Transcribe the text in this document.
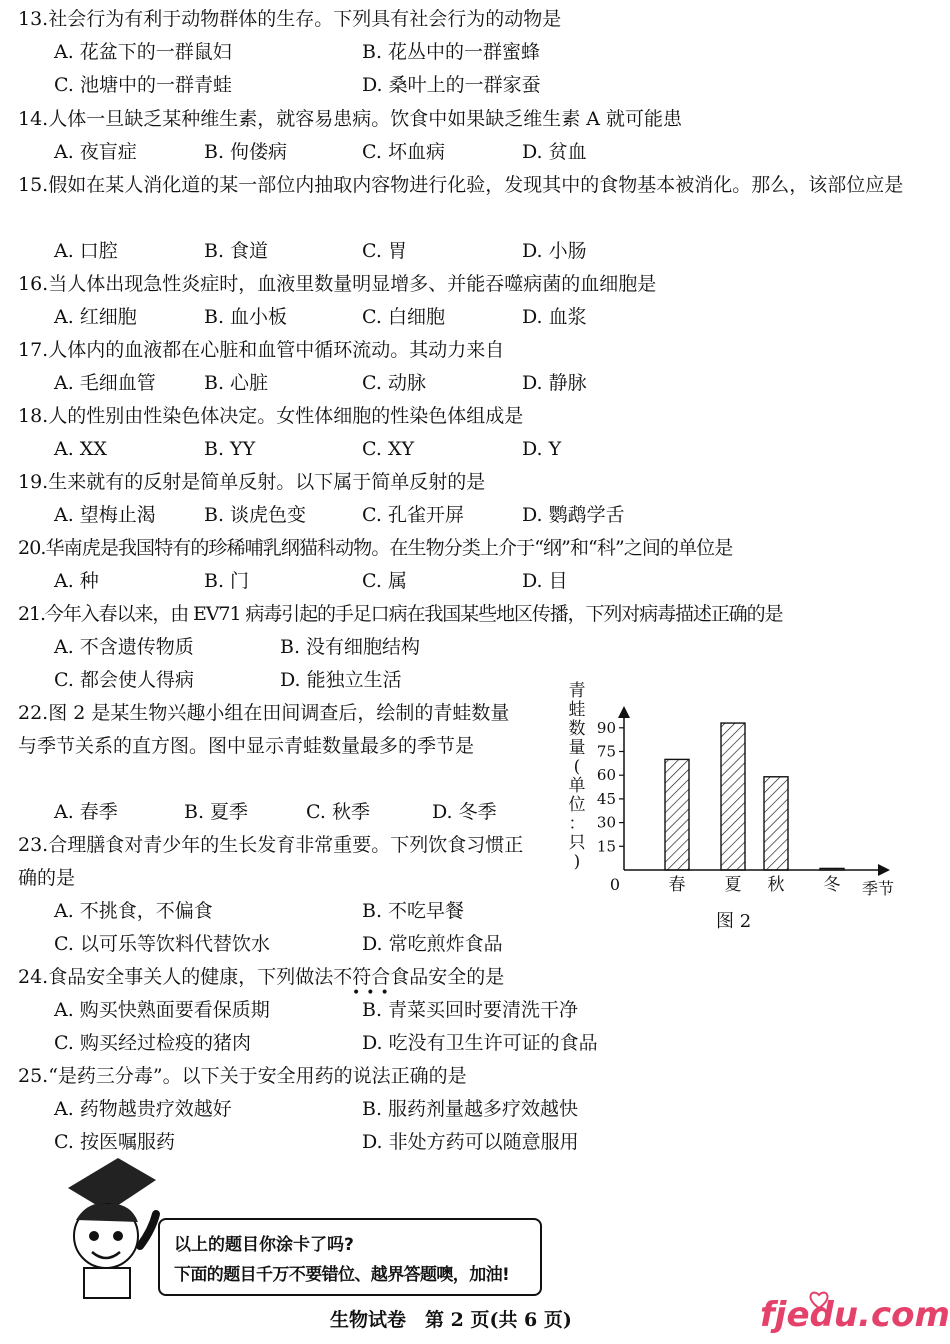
13.社会行为有利于动物群体的生存。下列具有社会行为的动物是
A. 花盆下的一群鼠妇	B. 花丛中的一群蜜蜂
C. 池塘中的一群青蛙	D. 桑叶上的一群家蚕
14.人体一旦缺乏某种维生素，就容易患病。饮食中如果缺乏维生素 A 就可能患
A. 夜盲症	B. 佝偻病	C. 坏血病	D. 贫血
15.假如在某人消化道的某一部位内抽取内容物进行化验，发现其中的食物基本被消化。那么，该部位应是
A. 口腔	B. 食道	C. 胃	D. 小肠
16.当人体出现急性炎症时，血液里数量明显增多、并能吞噬病菌的血细胞是
A. 红细胞	B. 血小板	C. 白细胞	D. 血浆
17.人体内的血液都在心脏和血管中循环流动。其动力来自
A. 毛细血管	B. 心脏	C. 动脉	D. 静脉
18.人的性别由性染色体决定。女性体细胞的性染色体组成是
A. XX	B. YY	C. XY	D. Y
19.生来就有的反射是简单反射。以下属于简单反射的是
A. 望梅止渴	B. 谈虎色变	C. 孔雀开屏	D. 鹦鹉学舌
20.华南虎是我国特有的珍稀哺乳纲猫科动物。在生物分类上介于“纲”和“科”之间的单位是
A. 种	B. 门	C. 属	D. 目
21.今年入春以来，由 EV71 病毒引起的手足口病在我国某些地区传播，下列对病毒描述正确的是
A. 不含遗传物质	B. 没有细胞结构
C. 都会使人得病	D. 能独立生活
22.图 2 是某生物兴趣小组在田间调查后，绘制的青蛙数量与季节关系的直方图。图中显示青蛙数量最多的季节是
A. 春季	B. 夏季	C. 秋季	D. 冬季
23.合理膳食对青少年的生长发育非常重要。下列饮食习惯正确的是
A. 不挑食，不偏食	B. 不吃早餐
C. 以可乐等饮料代替饮水	D. 常吃煎炸食品
24.食品安全事关人的健康，下列做法不符合食品安全的是
•••
A. 购买快熟面要看保质期	B. 青菜买回时要清洗干净
C. 购买经过检疫的猪肉	D. 吃没有卫生许可证的食品
25.“是药三分毒”。以下关于安全用药的说法正确的是
A. 药物越贵疗效越好	B. 服药剂量越多疗效越快
C. 按医嘱服药	D. 非处方药可以随意服用
青
蛙
数
量
(
单
位
：
只
)
15
30
45
60
75
90
0	春 夏 秋 冬 季节
图 2
以上的题目你涂卡了吗?
下面的题目千万不要错位、越界答题噢，加油!
生物试卷　第 2 页(共 6 页)	fjedu.com
